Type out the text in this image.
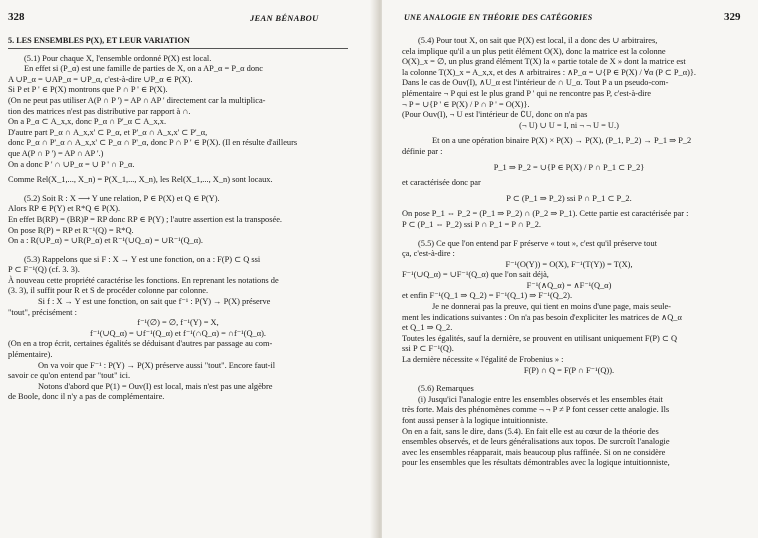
328	JEAN BÉNABOU
5. LES ENSEMBLES P(X), ET LEUR VARIATION

(5.1) Pour chaque X, l'ensemble ordonné P(X) est local.

En effet si (P_α) est une famille de parties de X, on a AP_α = P_α donc

A ∪P_α = ∪AP_α = ∪P_α, c'est-à-dire ∪P_α ∈ P(X).

Si P et P ' ∈ P(X) montrons que P ∩ P ' ∈ P(X).

(On ne peut pas utiliser A(P ∩ P ') = AP ∩ AP ' directement car la multiplica-

tion des matrices n'est pas distributive par rapport à ∩.

On a P_α ⊂ A_x,x, donc P_α ∩ P'_α ⊂ A_x,x.

D'autre part P_α ∩ A_x,x' ⊂ P_α, et P'_α ∩ A_x,x' ⊂ P'_α,

donc P_α ∩ P'_α ∩ A_x,x' ⊂ P_α ∩ P'_α, donc P ∩ P ' ∈ P(X). (Il en résulte d'ailleurs

que A(P ∩ P ') = AP ∩ AP '.)

On a donc P ' ∩ ∪P_α = ∪ P ' ∩ P_α.

Comme Rel(X_1,..., X_n) = P(X_1,..., X_n), les Rel(X_1,..., X_n) sont locaux.

(5.2) Soit R : X ⟶ Y une relation, P ∈ P(X) et Q ∈ P(Y).

Alors RP ∈ P(Y) et R*Q ∈ P(X).

En effet B(RP) = (BR)P = RP donc RP ∈ P(Y) ; l'autre assertion est la transposée.

On pose R(P) = RP et R⁻¹(Q) = R*Q.

On a : R(∪P_α) = ∪R(P_α) et R⁻¹(∪Q_α) = ∪R⁻¹(Q_α).

(5.3) Rappelons que si F : X → Y est une fonction, on a : F(P) ⊂ Q ssi

P ⊂ F⁻¹(Q) (cf. 3. 3).

À nouveau cette propriété caractérise les fonctions. En reprenant les notations de

(3. 3), il suffit pour R et S de procéder colonne par colonne.

Si f : X → Y est une fonction, on sait que f⁻¹ : P(Y) → P(X) préserve

"tout", précisément :

f⁻¹(∅) = ∅, f⁻¹(Y) = X,

f⁻¹(∪Q_α) = ∪f⁻¹(Q_α) et f⁻¹(∩Q_α) = ∩f⁻¹(Q_α).

(On en a trop écrit, certaines égalités se déduisant d'autres par passage au com-

plémentaire).

On va voir que F⁻¹ : P(Y) → P(X) préserve aussi "tout". Encore faut-il

savoir ce qu'on entend par "tout" ici.

Notons d'abord que P(1) = Ouv(I) est local, mais n'est pas une algèbre

de Boole, donc il n'y a pas de complémentaire.

UNE ANALOGIE EN THÉORIE DES CATÉGORIES	329

(5.4) Pour tout X, on sait que P(X) est local, il a donc des ∪ arbitraires,

cela implique qu'il a un plus petit élément O(X), donc la matrice est la colonne

O(X)_x = ∅, un plus grand élément T(X) la « partie totale de X » dont la matrice est

la colonne T(X)_x = A_x,x, et des ∧ arbitraires : ∧P_α = ∪{P ∈ P(X) / ∀α (P ⊂ P_α)}.

Dans le cas de Ouv(I), ∧U_α est l'intérieur de ∩ U_α. Tout P a un pseudo-com-

plémentaire ¬ P qui est le plus grand P ' qui ne rencontre pas P, c'est-à-dire

¬ P = ∪{P ' ∈ P(X) / P ∩ P ' = O(X)}.

(Pour Ouv(I), ¬ U est l'intérieur de ∁U, donc on n'a pas

(¬ U) ∪ U = I, ni ¬ ¬ U = U.)

Et on a une opération binaire P(X) × P(X) → P(X), (P_1, P_2) → P_1 ⇒ P_2

définie par :

P_1 ⇒ P_2 = ∪{P ∈ P(X) / P ∩ P_1 ⊂ P_2}

et caractérisée donc par

P ⊂ (P_1 ⇒ P_2) ssi P ∩ P_1 ⊂ P_2.

On pose P_1 ⇔ P_2 = (P_1 ⇒ P_2) ∩ (P_2 ⇒ P_1). Cette partie est caractérisée par :

P ⊂ (P_1 ⇔ P_2) ssi P ∩ P_1 = P ∩ P_2.

(5.5) Ce que l'on entend par F préserve « tout », c'est qu'il préserve tout

ça, c'est-à-dire :

F⁻¹(O(Y)) = O(X), F⁻¹(T(Y)) = T(X),

F⁻¹(∪Q_α) = ∪F⁻¹(Q_α) que l'on sait déjà,

F⁻¹(∧Q_α) = ∧F⁻¹(Q_α)

et enfin F⁻¹(Q_1 ⇒ Q_2) = F⁻¹(Q_1) ⇒ F⁻¹(Q_2).

Je ne donnerai pas la preuve, qui tient en moins d'une page, mais seule-

ment les indications suivantes : On n'a pas besoin d'expliciter les matrices de ∧Q_α

et Q_1 ⇒ Q_2.

Toutes les égalités, sauf la dernière, se prouvent en utilisant uniquement F(P) ⊂ Q

ssi P ⊂ F⁻¹(Q).

La dernière nécessite « l'égalité de Frobenius » :

F(P) ∩ Q = F(P ∩ F⁻¹(Q)).

(5.6) Remarques

(i) Jusqu'ici l'analogie entre les ensembles observés et les ensembles était

très forte. Mais des phénomènes comme ¬ ¬ P ≠ P font cesser cette analogie. Ils

font aussi penser à la logique intuitionniste.

On en a fait, sans le dire, dans (5.4). En fait elle est au cœur de la théorie des

ensembles observés, et de leurs généralisations aux topos. De surcroît l'analogie

avec les ensembles réapparait, mais beaucoup plus raffinée. Si on ne considère

pour les ensembles que les résultats démontrables avec la logique intuitionniste,
